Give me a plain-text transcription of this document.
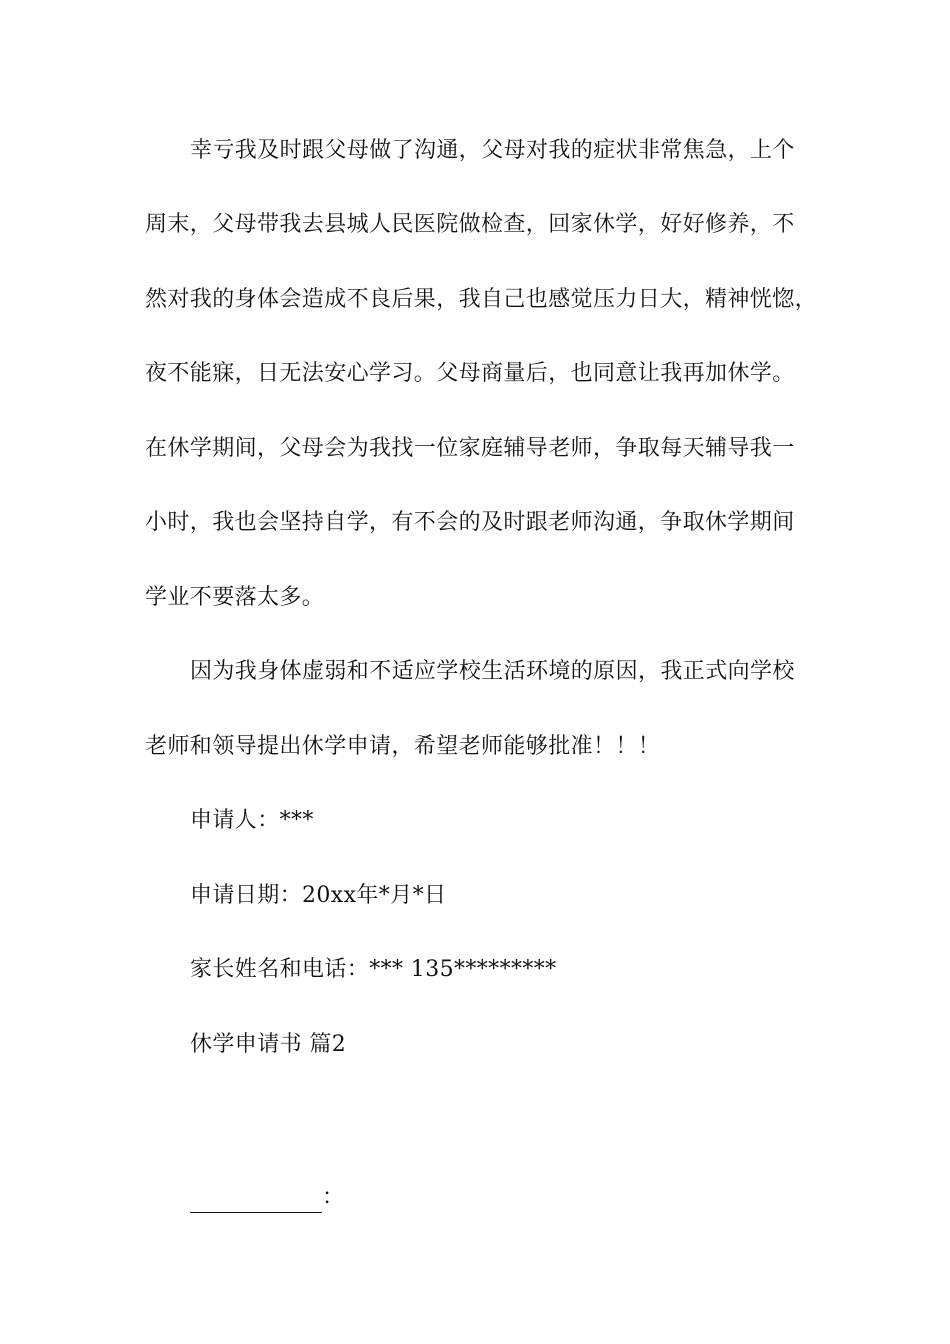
幸亏我及时跟父母做了沟通，父母对我的症状非常焦急，上个
周末，父母带我去县城人民医院做检查，回家休学，好好修养，不
然对我的身体会造成不良后果，我自己也感觉压力日大，精神恍惚，
夜不能寐，日无法安心学习。父母商量后，也同意让我再加休学。
在休学期间，父母会为我找一位家庭辅导老师，争取每天辅导我一
小时，我也会坚持自学，有不会的及时跟老师沟通，争取休学期间
学业不要落太多。
因为我身体虚弱和不适应学校生活环境的原因，我正式向学校
老师和领导提出休学申请，希望老师能够批准！！！
申请人：***
申请日期：20xx年*月*日
家长姓名和电话：*** 135*********
休学申请书 篇2
：
